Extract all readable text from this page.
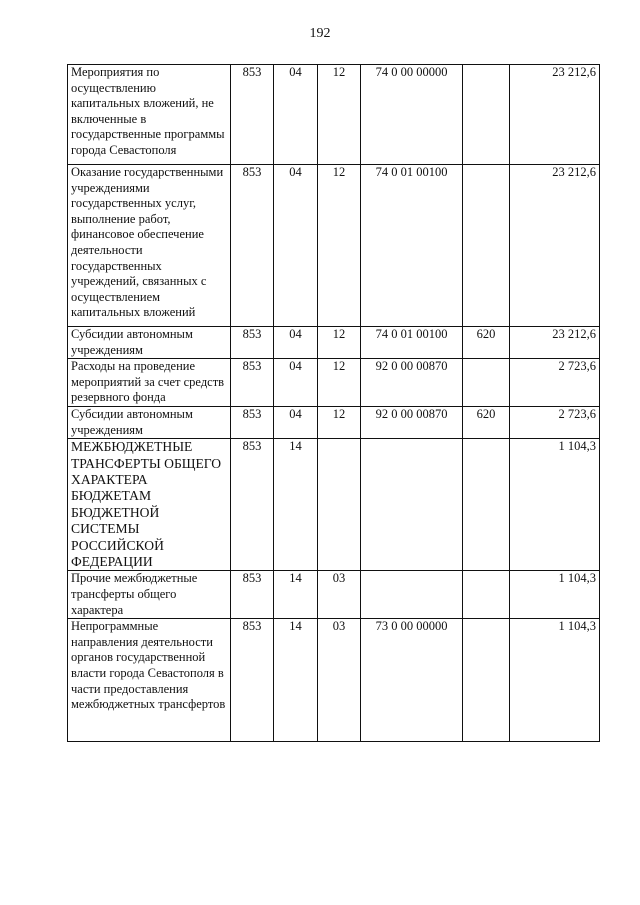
192
Мероприятия по осуществлению капитальных вложений, не включенные в государственные программы города Севастополя	853	04	12	74 0 00 00000		23 212,6
Оказание государственными учреждениями государственных услуг, выполнение работ, финансовое обеспечение деятельности государственных учреждений, связанных с осуществлением капитальных вложений	853	04	12	74 0 01 00100		23 212,6
Субсидии автономным учреждениям	853	04	12	74 0 01 00100	620	23 212,6
Расходы на проведение мероприятий за счет средств резервного фонда	853	04	12	92 0 00 00870		2 723,6
Субсидии автономным учреждениям	853	04	12	92 0 00 00870	620	2 723,6
МЕЖБЮДЖЕТНЫЕ ТРАНСФЕРТЫ ОБЩЕГО ХАРАКТЕРА БЮДЖЕТАМ БЮДЖЕТНОЙ СИСТЕМЫ РОССИЙСКОЙ ФЕДЕРАЦИИ	853	14				1 104,3
Прочие межбюджетные трансферты общего характера	853	14	03			1 104,3
Непрограммные направления деятельности органов государственной власти города Севастополя в части предоставления межбюджетных трансфертов	853	14	03	73 0 00 00000		1 104,3
